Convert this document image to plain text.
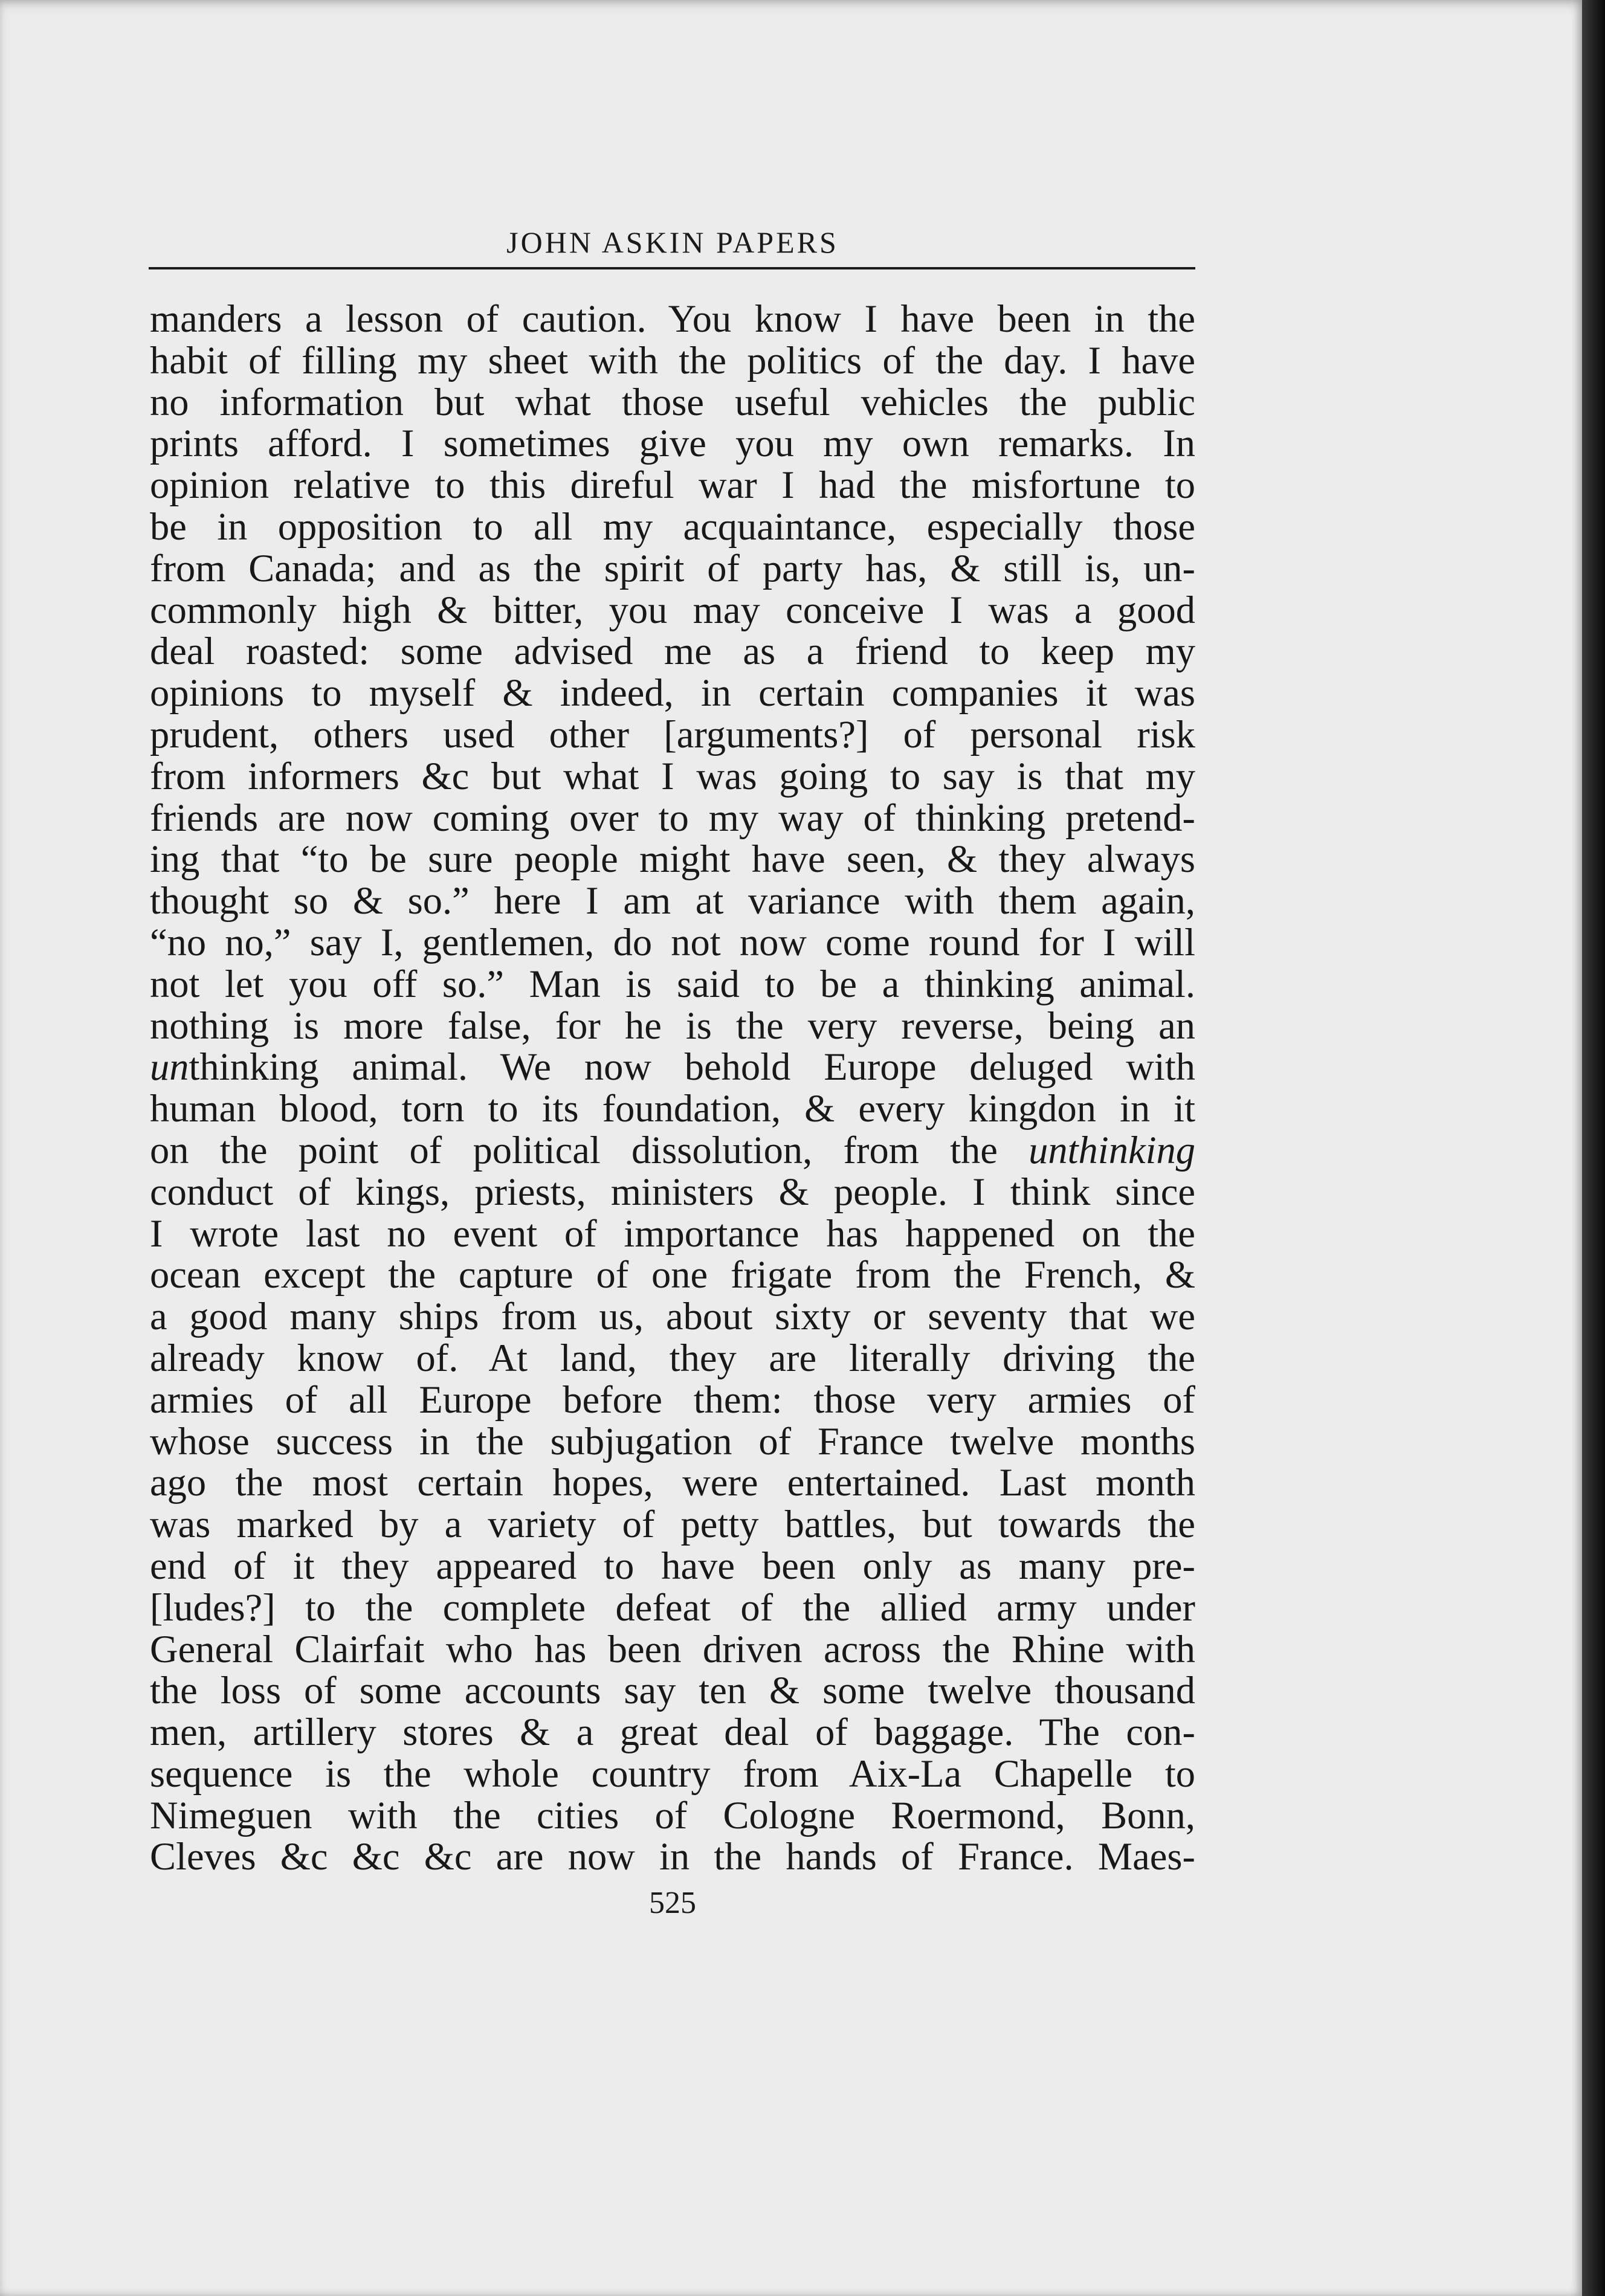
JOHN ASKIN PAPERS
manders a lesson of caution. You know I have been in the
habit of filling my sheet with the politics of the day. I have
no information but what those useful vehicles the public
prints afford. I sometimes give you my own remarks. In
opinion relative to this direful war I had the misfortune to
be in opposition to all my acquaintance, especially those
from Canada; and as the spirit of party has, & still is, un-
commonly high & bitter, you may conceive I was a good
deal roasted: some advised me as a friend to keep my
opinions to myself & indeed, in certain companies it was
prudent, others used other [arguments?] of personal risk
from informers &c but what I was going to say is that my
friends are now coming over to my way of thinking pretend-
ing that “to be sure people might have seen, & they always
thought so & so.” here I am at variance with them again,
“no no,” say I, gentlemen, do not now come round for I will
not let you off so.” Man is said to be a thinking animal.
nothing is more false, for he is the very reverse, being an
unthinking animal. We now behold Europe deluged with
human blood, torn to its foundation, & every kingdon in it
on the point of political dissolution, from the unthinking
conduct of kings, priests, ministers & people. I think since
I wrote last no event of importance has happened on the
ocean except the capture of one frigate from the French, &
a good many ships from us, about sixty or seventy that we
already know of. At land, they are literally driving the
armies of all Europe before them: those very armies of
whose success in the subjugation of France twelve months
ago the most certain hopes, were entertained. Last month
was marked by a variety of petty battles, but towards the
end of it they appeared to have been only as many pre-
[ludes?] to the complete defeat of the allied army under
General Clairfait who has been driven across the Rhine with
the loss of some accounts say ten & some twelve thousand
men, artillery stores & a great deal of baggage. The con-
sequence is the whole country from Aix-La Chapelle to
Nimeguen with the cities of Cologne Roermond, Bonn,
Cleves &c &c &c are now in the hands of France. Maes-
525
